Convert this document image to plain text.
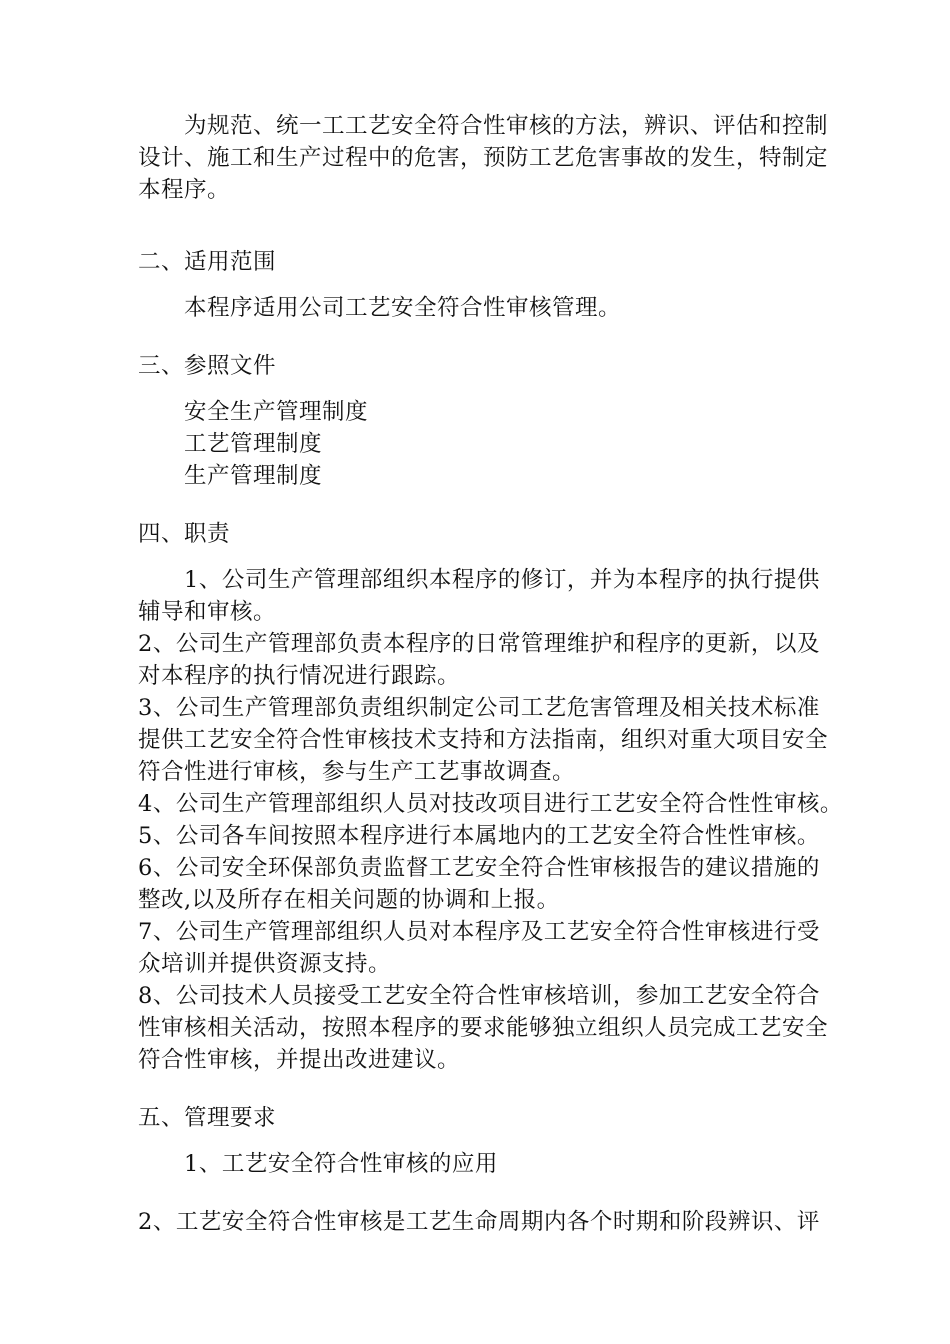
为规范、统一工工艺安全符合性审核的方法，辨识、评估和控制
设计、施工和生产过程中的危害，预防工艺危害事故的发生，特制定
本程序。
二、适用范围
本程序适用公司工艺安全符合性审核管理。
三、参照文件
安全生产管理制度
工艺管理制度
生产管理制度
四、职责
1、公司生产管理部组织本程序的修订，并为本程序的执行提供
辅导和审核。
2、公司生产管理部负责本程序的日常管理维护和程序的更新，以及
对本程序的执行情况进行跟踪。
3、公司生产管理部负责组织制定公司工艺危害管理及相关技术标准
提供工艺安全符合性审核技术支持和方法指南，组织对重大项目安全
符合性进行审核，参与生产工艺事故调查。
4、公司生产管理部组织人员对技改项目进行工艺安全符合性性审核。
5、公司各车间按照本程序进行本属地内的工艺安全符合性性审核。
6、公司安全环保部负责监督工艺安全符合性审核报告的建议措施的
整改,以及所存在相关问题的协调和上报。
7、公司生产管理部组织人员对本程序及工艺安全符合性审核进行受
众培训并提供资源支持。
8、公司技术人员接受工艺安全符合性审核培训，参加工艺安全符合
性审核相关活动，按照本程序的要求能够独立组织人员完成工艺安全
符合性审核，并提出改进建议。
五、管理要求
1、工艺安全符合性审核的应用
2、工艺安全符合性审核是工艺生命周期内各个时期和阶段辨识、评
